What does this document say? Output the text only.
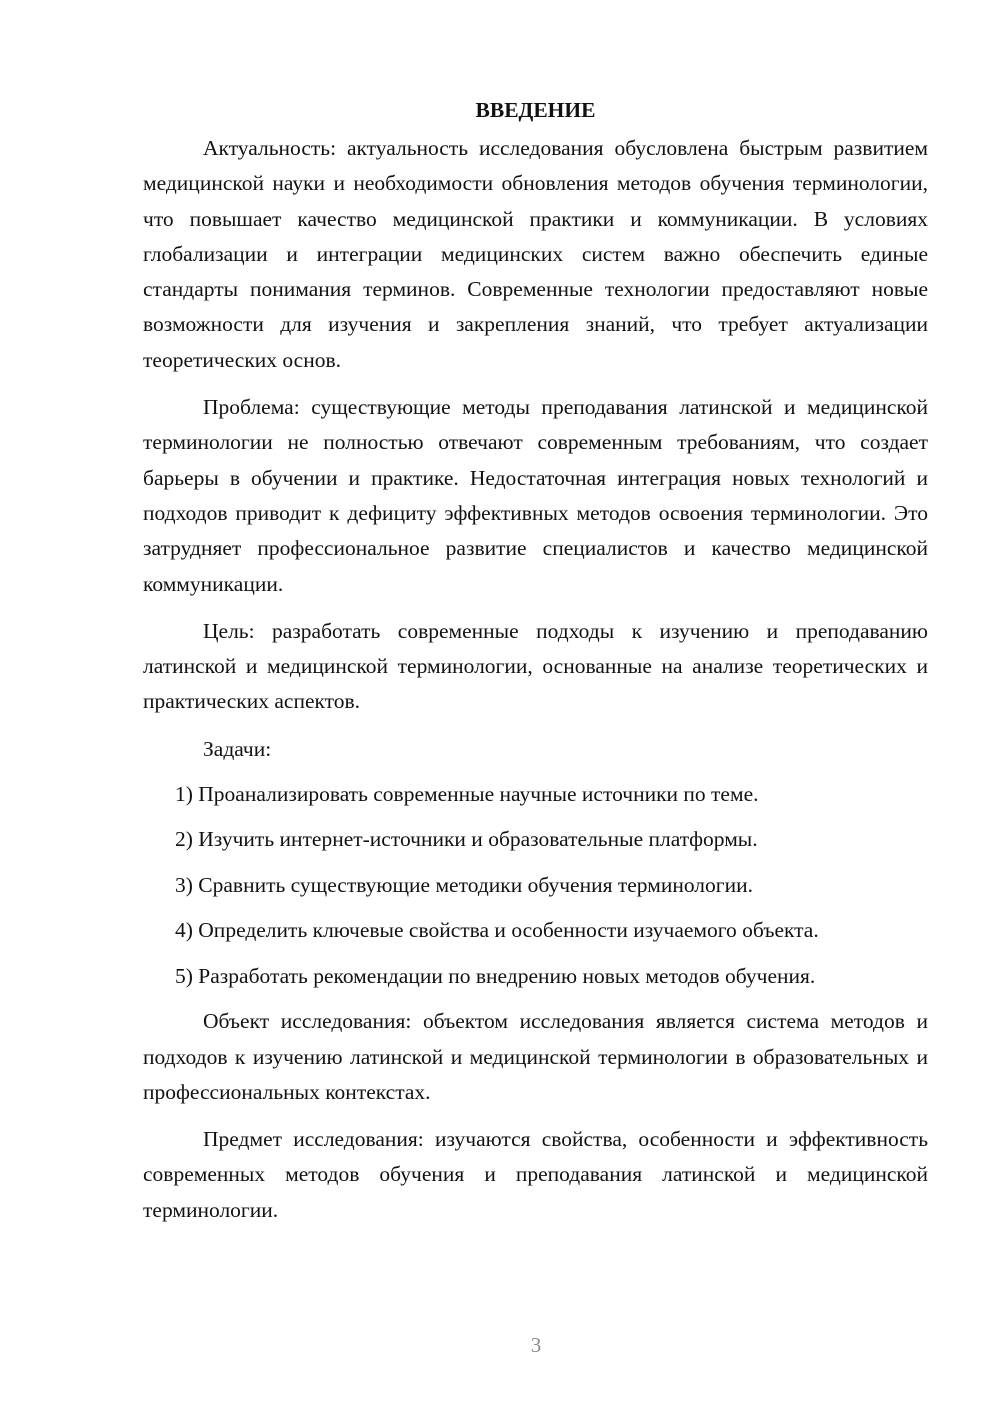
ВВЕДЕНИЕ

Актуальность: актуальность исследования обусловлена быстрым развитием медицинской науки и необходимости обновления методов обучения терминологии, что повышает качество медицинской практики и коммуникации. В условиях глобализации и интеграции медицинских систем важно обеспечить единые стандарты понимания терминов. Современные технологии предоставляют новые возможности для изучения и закрепления знаний, что требует актуализации теоретических основ.

Проблема: существующие методы преподавания латинской и медицинской терминологии не полностью отвечают современным требованиям, что создает барьеры в обучении и практике. Недостаточная интеграция новых технологий и подходов приводит к дефициту эффективных методов освоения терминологии. Это затрудняет профессиональное развитие специалистов и качество медицинской коммуникации.

Цель: разработать современные подходы к изучению и преподаванию латинской и медицинской терминологии, основанные на анализе теоретических и практических аспектов.

Задачи:

1) Проанализировать современные научные источники по теме.
2) Изучить интернет-источники и образовательные платформы.
3) Сравнить существующие методики обучения терминологии.
4) Определить ключевые свойства и особенности изучаемого объекта.
5) Разработать рекомендации по внедрению новых методов обучения.

Объект исследования: объектом исследования является система методов и подходов к изучению латинской и медицинской терминологии в образовательных и профессиональных контекстах.

Предмет исследования: изучаются свойства, особенности и эффективность современных методов обучения и преподавания латинской и медицинской терминологии.

3
